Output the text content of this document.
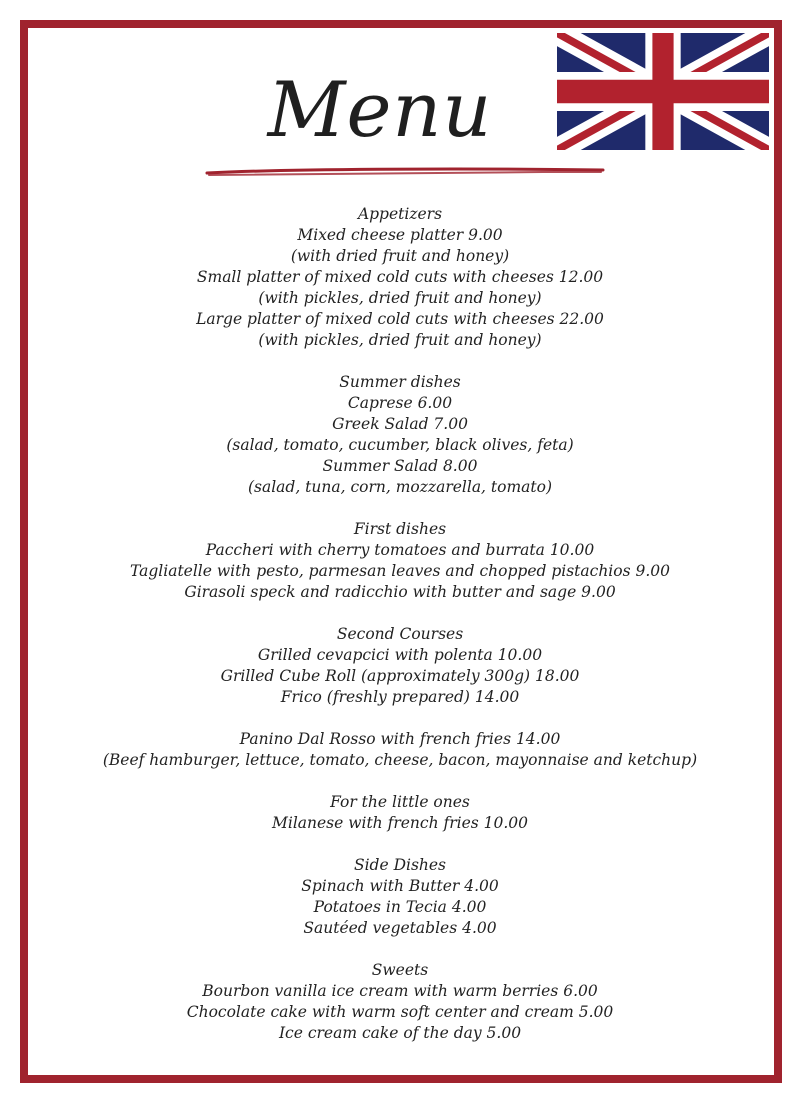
Menu
Appetizers
Mixed cheese platter 9.00
(with dried fruit and honey)
Small platter of mixed cold cuts with cheeses 12.00
(with pickles, dried fruit and honey)
Large platter of mixed cold cuts with cheeses 22.00
(with pickles, dried fruit and honey)
Summer dishes
Caprese 6.00
Greek Salad 7.00
(salad, tomato, cucumber, black olives, feta)
Summer Salad 8.00
(salad, tuna, corn, mozzarella, tomato)
First dishes
Paccheri with cherry tomatoes and burrata 10.00
Tagliatelle with pesto, parmesan leaves and chopped pistachios 9.00
Girasoli speck and radicchio with butter and sage 9.00
Second Courses
Grilled cevapcici with polenta 10.00
Grilled Cube Roll (approximately 300g) 18.00
Frico (freshly prepared) 14.00
Panino Dal Rosso with french fries 14.00
(Beef hamburger, lettuce, tomato, cheese, bacon, mayonnaise and ketchup)
For the little ones
Milanese with french fries 10.00
Side Dishes
Spinach with Butter 4.00
Potatoes in Tecia 4.00
Sautéed vegetables 4.00
Sweets
Bourbon vanilla ice cream with warm berries 6.00
Chocolate cake with warm soft center and cream 5.00
Ice cream cake of the day 5.00
